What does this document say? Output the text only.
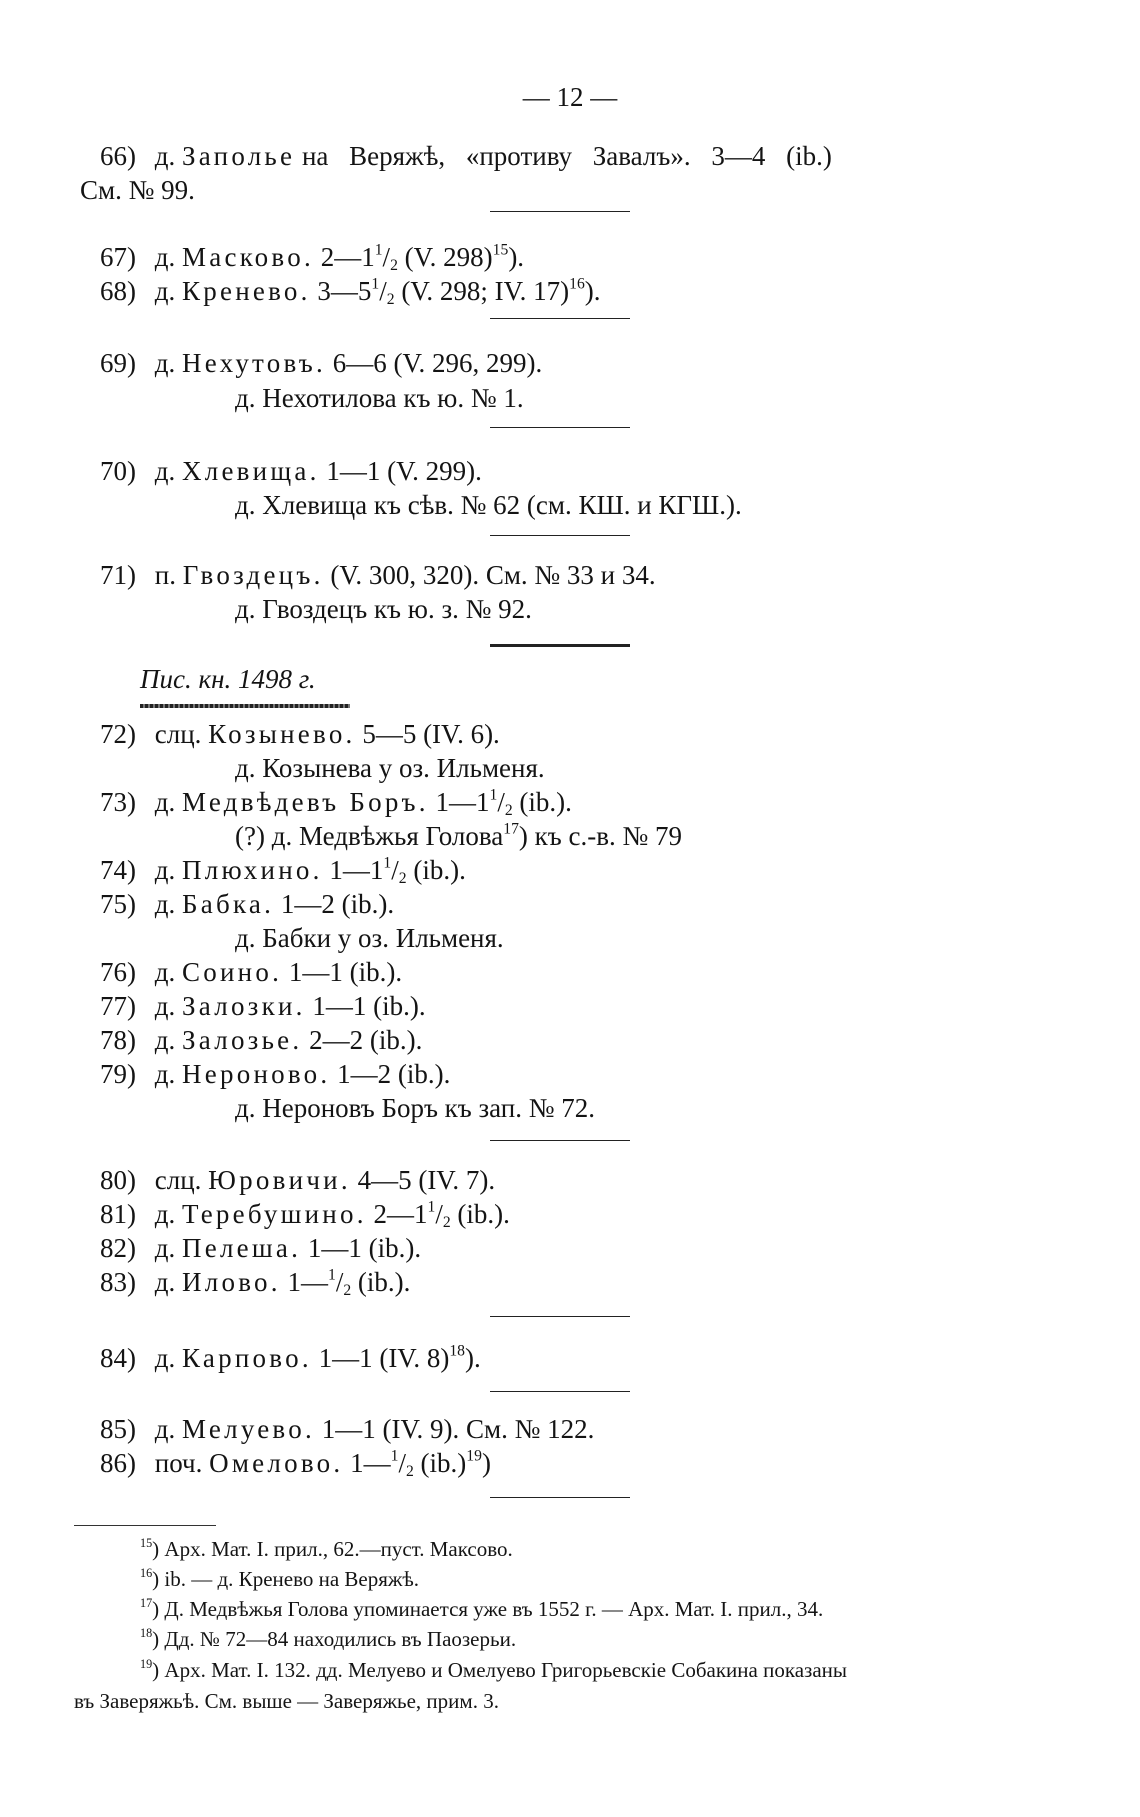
— 12 —
66) д. Заполье на Веряжѣ, «противу Завалъ». 3—4 (ib.)
См. № 99.
67) д. Масково. $2—1^1/_2$ (V. 298)$^{15}$).
68) д. Кренево. $3—5^1/_2$ (V. 298; IV. 17)$^{16}$).
69) д. Нехутовъ. 6—6 (V. 296, 299).
д. Нехотилова къ ю. № 1.
70) д. Хлевища. 1—1 (V. 299).
д. Хлевища къ сѣв. № 62 (см. КШ. и КГШ.).
71) п. Гвоздецъ. (V. 300, 320). См. № 33 и 34.
д. Гвоздецъ къ ю. з. № 92.
Пис. кн. 1498 г.
72) слц. Козынево. 5—5 (IV. 6).
д. Козынева у оз. Ильменя.
73) д. Медвѣдевъ Боръ. $1—1^1/_2$ (ib.).
(?) д. Медвѣжья Голова$^{17}$) къ с.-в. № 79
74) д. Плюхино. $1—1^1/_2$ (ib.).
75) д. Бабка. 1—2 (ib.).
д. Бабки у оз. Ильменя.
76) д. Соино. 1—1 (ib.).
77) д. Залозки. 1—1 (ib.).
78) д. Залозье. 2—2 (ib.).
79) д. Нероново. 1—2 (ib.).
д. Нероновъ Боръ къ зап. № 72.
80) слц. Юровичи. 4—5 (IV. 7).
81) д. Теребушино. $2—1^1/_2$ (ib.).
82) д. Пелеша. 1—1 (ib.).
83) д. Илово. $1—^1/_2$ (ib.).
84) д. Карпово. 1—1 (IV. 8)$^{18}$).
85) д. Мелуево. 1—1 (IV. 9). См. № 122.
86) поч. Омелово. $1—^1/_2$ $(ib.)^{19}$)
$^{15}$) Арх. Мат. I. прил., 62.—пуст. Максово.
$^{16}$) ib. — д. Кренево на Веряжѣ.
$^{17}$) Д. Медвѣжья Голова упоминается уже въ 1552 г. — Арх. Мат. I. прил., 34.
$^{18}$) Дд. № 72—84 находились въ Паозерьи.
$^{19}$) Арх. Мат. I. 132. дд. Мелуево и Омелуево Григорьевскіе Собакина показаны
въ Заверяжьѣ. См. выше — Заверяжье, прим. 3.
